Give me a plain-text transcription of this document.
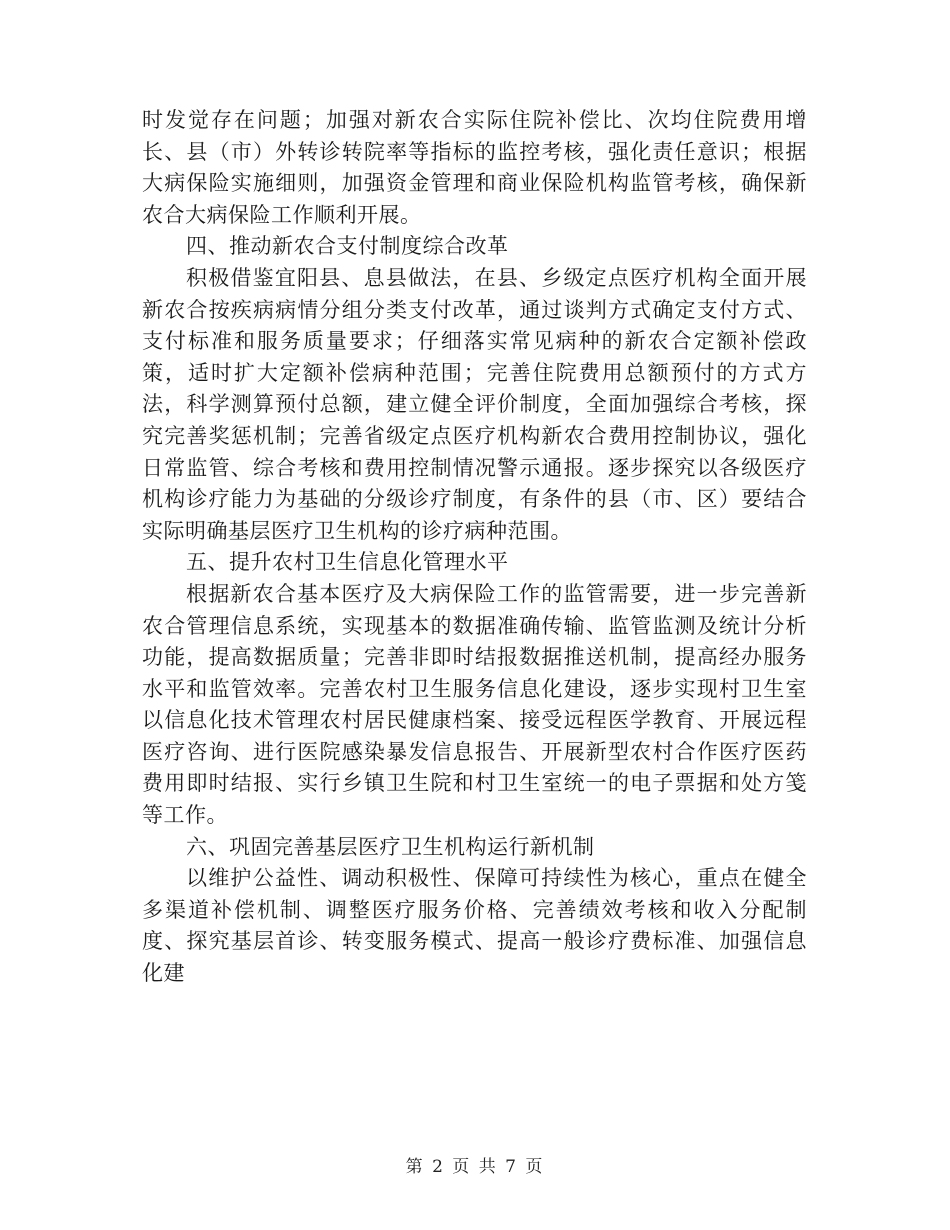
时发觉存在问题；加强对新农合实际住院补偿比、次均住院费用增长、县（市）外转诊转院率等指标的监控考核，强化责任意识；根据大病保险实施细则，加强资金管理和商业保险机构监管考核，确保新农合大病保险工作顺利开展。

四、推动新农合支付制度综合改革

积极借鉴宜阳县、息县做法，在县、乡级定点医疗机构全面开展新农合按疾病病情分组分类支付改革，通过谈判方式确定支付方式、支付标准和服务质量要求；仔细落实常见病种的新农合定额补偿政策，适时扩大定额补偿病种范围；完善住院费用总额预付的方式方法，科学测算预付总额，建立健全评价制度，全面加强综合考核，探究完善奖惩机制；完善省级定点医疗机构新农合费用控制协议，强化日常监管、综合考核和费用控制情况警示通报。逐步探究以各级医疗机构诊疗能力为基础的分级诊疗制度，有条件的县（市、区）要结合实际明确基层医疗卫生机构的诊疗病种范围。

五、提升农村卫生信息化管理水平

根据新农合基本医疗及大病保险工作的监管需要，进一步完善新农合管理信息系统，实现基本的数据准确传输、监管监测及统计分析功能，提高数据质量；完善非即时结报数据推送机制，提高经办服务水平和监管效率。完善农村卫生服务信息化建设，逐步实现村卫生室以信息化技术管理农村居民健康档案、接受远程医学教育、开展远程医疗咨询、进行医院感染暴发信息报告、开展新型农村合作医疗医药费用即时结报、实行乡镇卫生院和村卫生室统一的电子票据和处方笺等工作。

六、巩固完善基层医疗卫生机构运行新机制

以维护公益性、调动积极性、保障可持续性为核心，重点在健全多渠道补偿机制、调整医疗服务价格、完善绩效考核和收入分配制度、探究基层首诊、转变服务模式、提高一般诊疗费标准、加强信息化建

第 2 页 共 7 页
